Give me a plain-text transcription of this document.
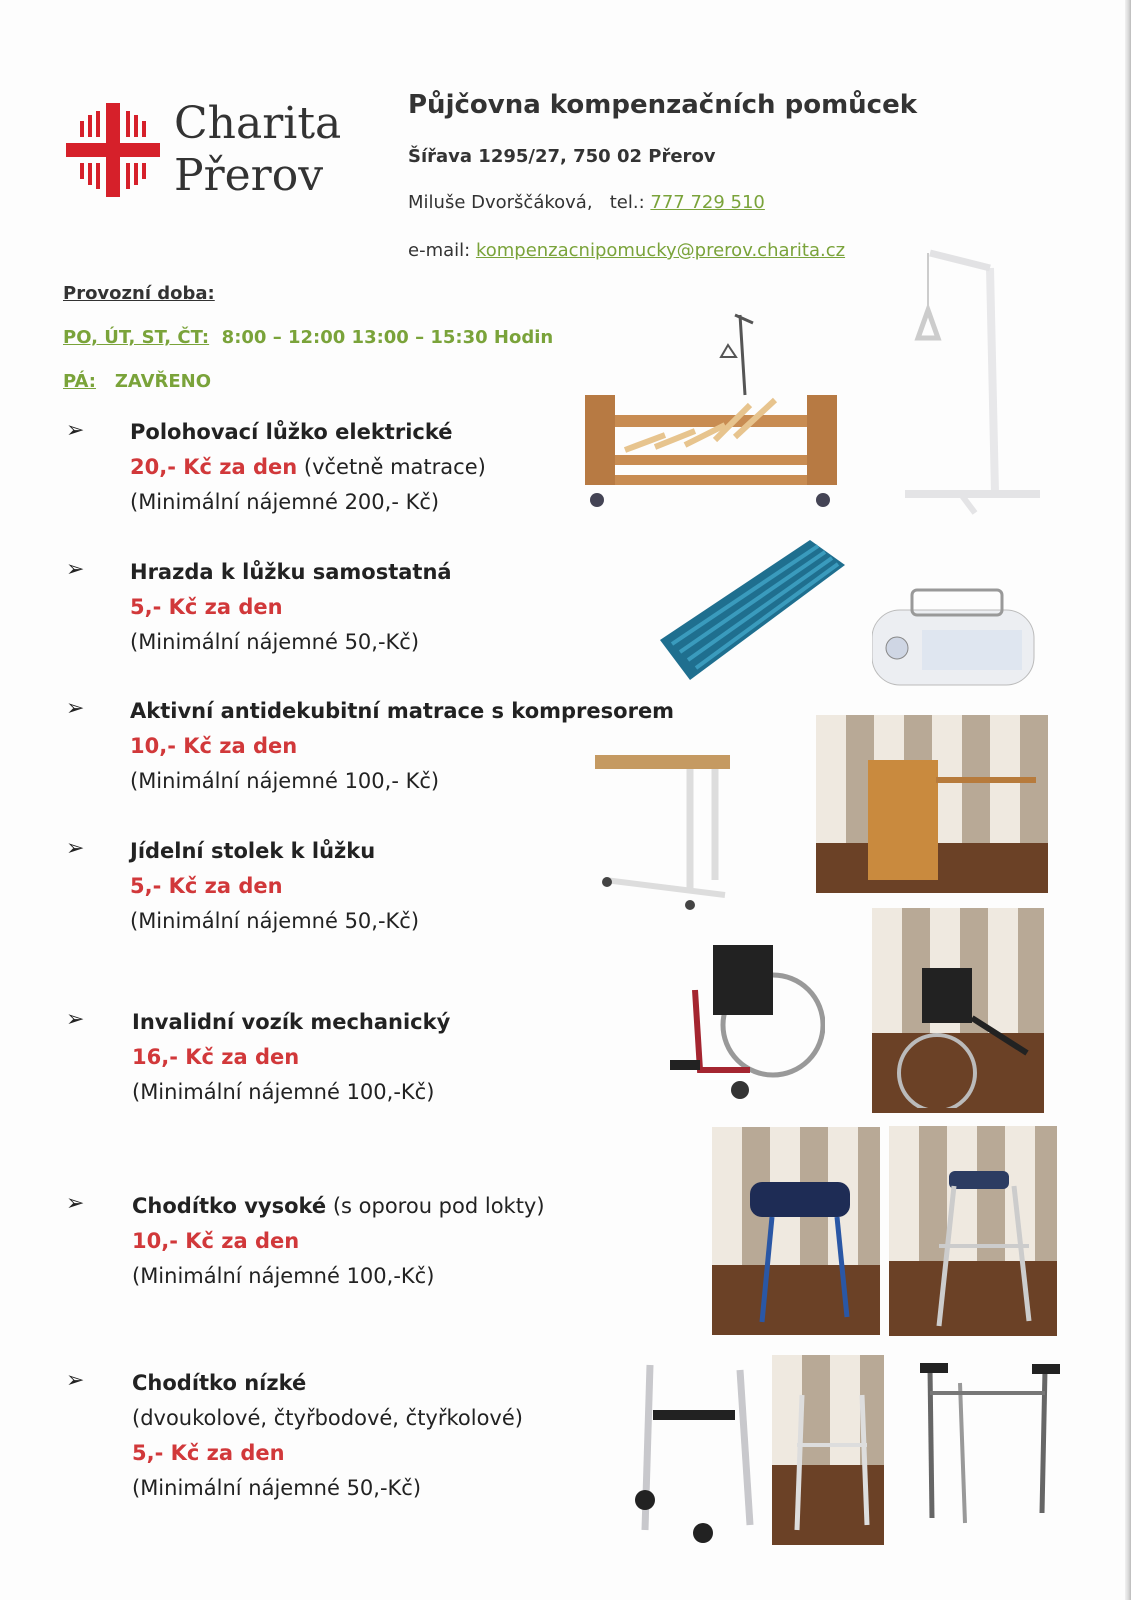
Charita
Přerov
Půjčovna kompenzačních pomůcek
Šířava 1295/27, 750 02 Přerov
Miluše Dvorščáková, tel.: 777 729 510
e-mail: kompenzacnipomucky@prerov.charita.cz
Provozní doba:
PO, ÚT, ST, ČT: 8:00 – 12:00 13:00 – 15:30 Hodin
PÁ: ZAVŘENO
➢ Polohovací lůžko elektrické
20,- Kč za den (včetně matrace)
(Minimální nájemné 200,- Kč)
➢ Hrazda k lůžku samostatná
5,- Kč za den
(Minimální nájemné 50,-Kč)
➢ Aktivní antidekubitní matrace s kompresorem
10,- Kč za den
(Minimální nájemné 100,- Kč)
➢ Jídelní stolek k lůžku
5,- Kč za den
(Minimální nájemné 50,-Kč)
➢ Invalidní vozík mechanický
16,- Kč za den
(Minimální nájemné 100,-Kč)
➢ Chodítko vysoké (s oporou pod lokty)
10,- Kč za den
(Minimální nájemné 100,-Kč)
➢ Chodítko nízké
(dvoukolové, čtyřbodové, čtyřkolové)
5,- Kč za den
(Minimální nájemné 50,-Kč)
